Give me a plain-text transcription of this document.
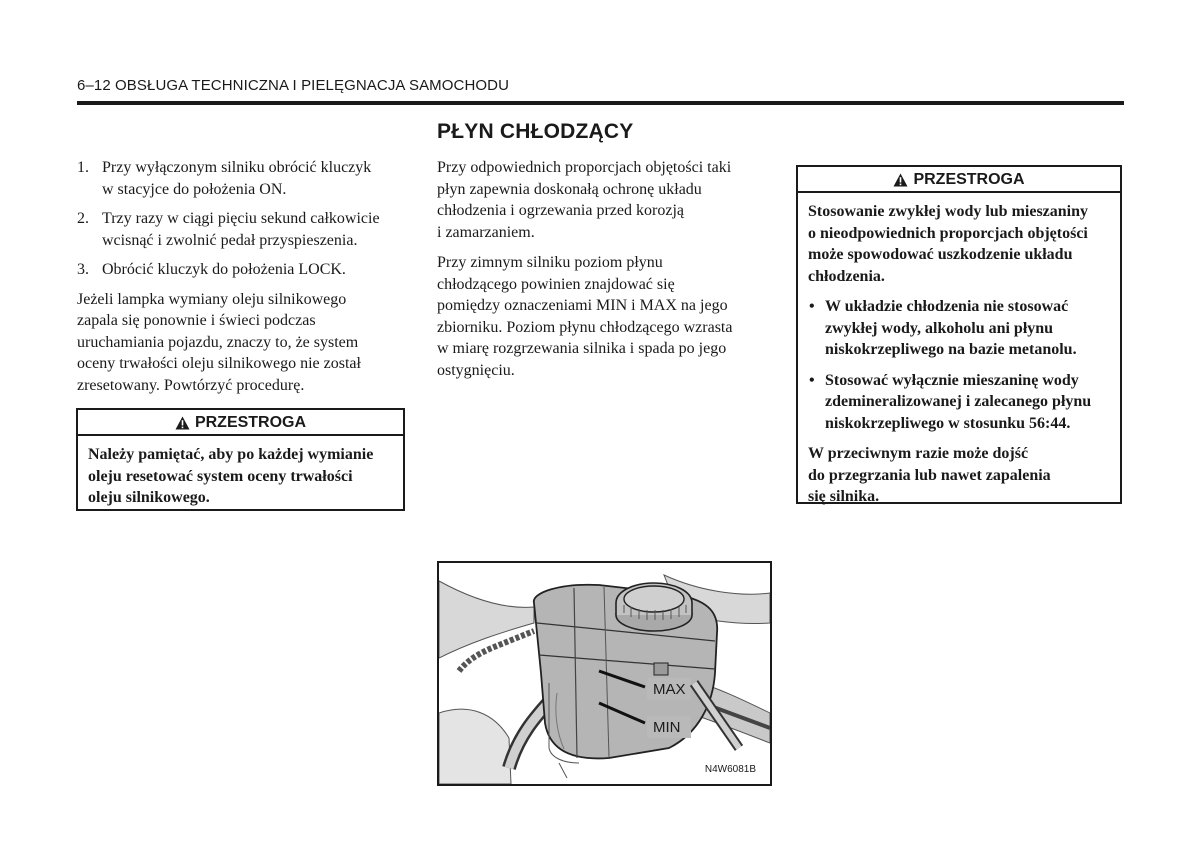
6–12 OBSŁUGA TECHNICZNA I PIELĘGNACJA SAMOCHODU
PŁYN CHŁODZĄCY
1. Przy wyłączonym silniku obrócić kluczyk
w stacyjce do położenia ON.
2. Trzy razy w ciągi pięciu sekund całkowicie
wcisnąć i zwolnić pedał przyspieszenia.
3. Obrócić kluczyk do położenia LOCK.

Jeżeli lampka wymiany oleju silnikowego
zapala się ponownie i świeci podczas
uruchamiania pojazdu, znaczy to, że system
oceny trwałości oleju silnikowego nie został
zresetowany. Powtórzyć procedurę.

PRZESTROGA
Należy pamiętać, aby po każdej wymianie
oleju resetować system oceny trwałości
oleju silnikowego.

Przy odpowiednich proporcjach objętości taki
płyn zapewnia doskonałą ochronę układu
chłodzenia i ogrzewania przed korozją
i zamarzaniem.

Przy zimnym silniku poziom płynu
chłodzącego powinien znajdować się
pomiędzy oznaczeniami MIN i MAX na jego
zbiorniku. Poziom płynu chłodzącego wzrasta
w miarę rozgrzewania silnika i spada po jego
ostygnięciu.

PRZESTROGA

Stosowanie zwykłej wody lub mieszaniny
o nieodpowiednich proporcjach objętości
może spowodować uszkodzenie układu
chłodzenia.

• W układzie chłodzenia nie stosować
zwykłej wody, alkoholu ani płynu
niskokrzepliwego na bazie metanolu.
• Stosować wyłącznie mieszaninę wody
zdemineralizowanej i zalecanego płynu
niskokrzepliwego w stosunku 56:44.

W przeciwnym razie może dojść
do przegrzania lub nawet zapalenia
się silnika.

MAX
MIN
N4W6081B
